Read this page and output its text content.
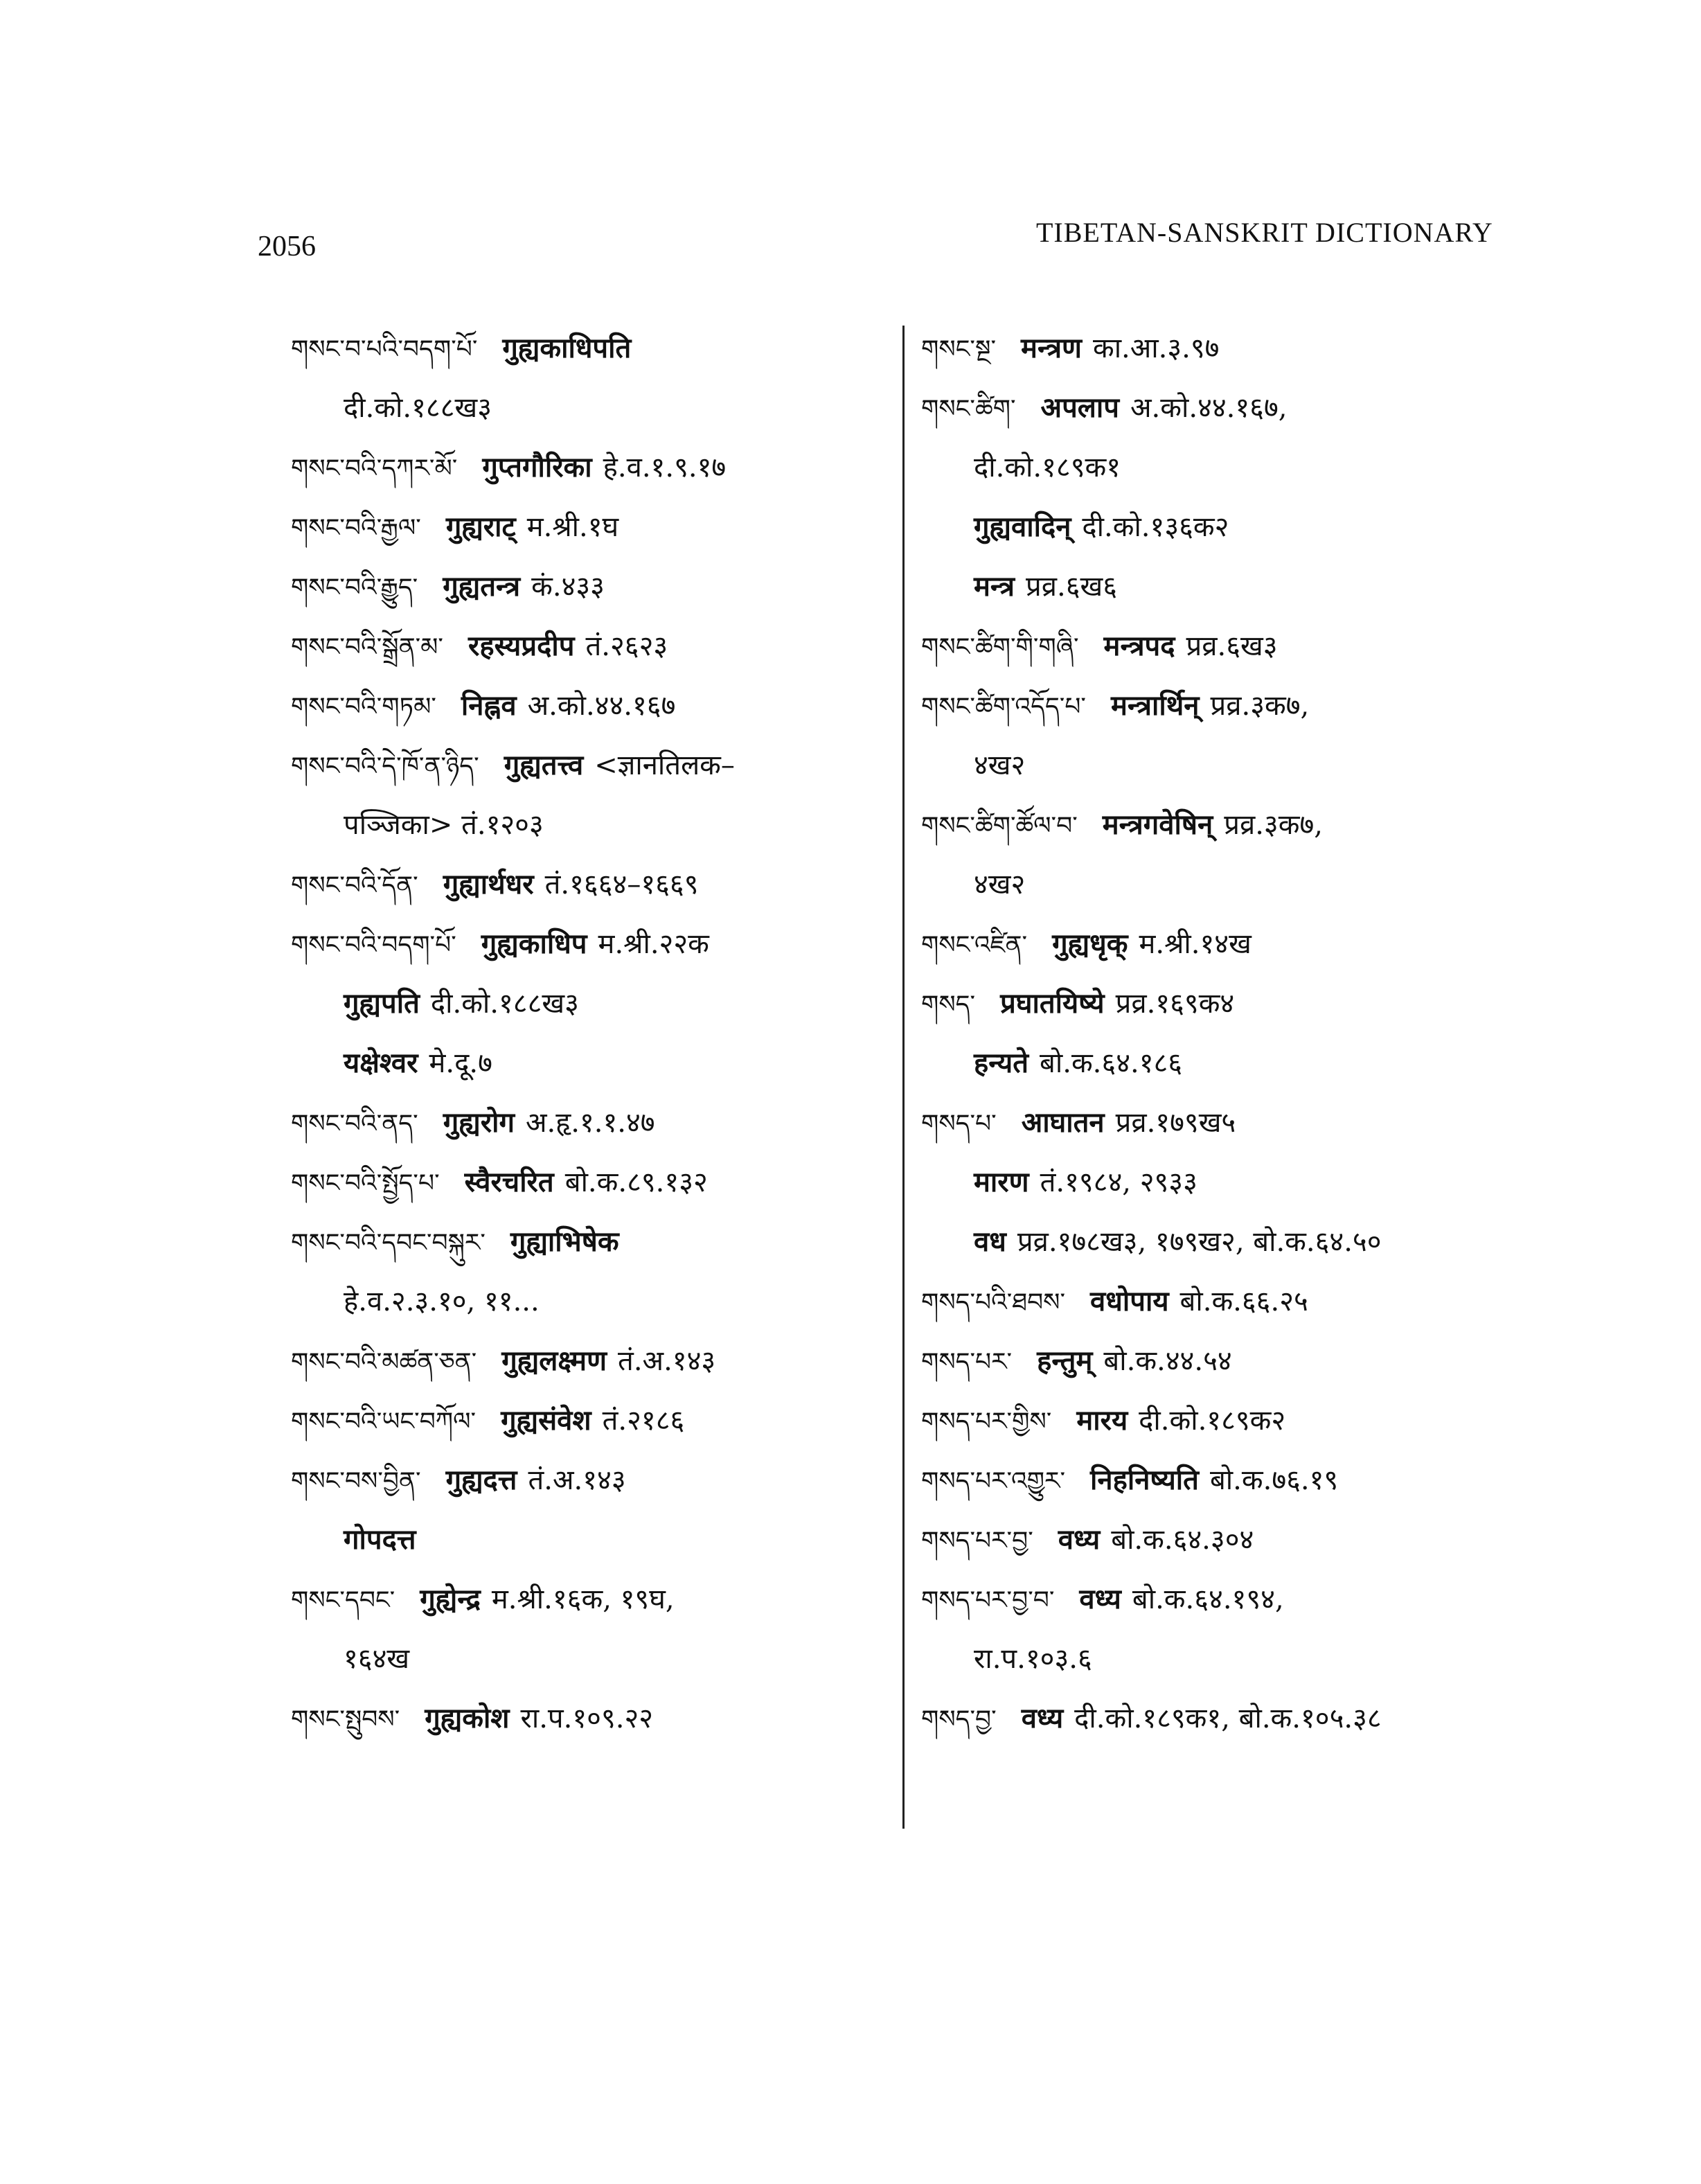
2056	TIBETAN-SANSKRIT DICTIONARY
གསང་བ་པའི་བདག་པོ་ गुह्यकाधिपति
दी.को.१८८ख३
གསང་བའི་དཀར་མོ་ गुप्तगौरिका हे.व.१.९.१७
གསང་བའི་རྒྱལ་ गुह्यराट् म.श्री.१घ
གསང་བའི་རྒྱུད་ गुह्यतन्त्र कं.४३३
གསང་བའི་སྒྲོན་མ་ रहस्यप्रदीप तं.२६२३
གསང་བའི་གཏམ་ निह्नव अ.को.४४.१६७
གསང་བའི་དེ་ཁོ་ན་ཉིད་ गुह्यतत्त्व <ज्ञानतिलक–
पञ्जिका> तं.१२०३
གསང་བའི་དོན་ गुह्यार्थधर तं.१६६४–१६६९
གསང་བའི་བདག་པོ་ गुह्यकाधिप म.श्री.२२क
गुह्यपति दी.को.१८८ख३
यक्षेश्वर मे.दू.७
གསང་བའི་ནད་ गुह्यरोग अ.हृ.१.१.४७
གསང་བའི་སྤྱོད་པ་ स्वैरचरित बो.क.८९.१३२
གསང་བའི་དབང་བསྐུར་ गुह्याभिषेक
हे.व.२.३.१०, ११...
གསང་བའི་མཚན་ཅན་ गुह्यलक्ष्मण तं.अ.१४३
གསང་བའི་ཡང་བཀོལ་ गुह्यसंवेश तं.२१८६
གསང་བས་བྱིན་ गुह्यदत्त तं.अ.१४३
गोपदत्त
གསང་དབང་ गुह्येन्द्र म.श्री.१६क, १९घ,
१६४ख
གསང་སྤུབས་ गुह्यकोश रा.प.१०९.२२
གསང་སྔ་ मन्त्रण का.आ.३.९७
གསང་ཚིག་ अपलाप अ.को.४४.१६७,
दी.को.१८९क१
गुह्यवादिन् दी.को.१३६क२
मन्त्र प्रव्र.६ख६
གསང་ཚིག་གི་གཞི་ मन्त्रपद प्रव्र.६ख३
གསང་ཚིག་འདོད་པ་ मन्त्रार्थिन् प्रव्र.३क७,
४ख२
གསང་ཚིག་ཚོལ་བ་ मन्त्रगवेषिन् प्रव्र.३क७,
४ख२
གསང་འཛིན་ गुह्यधृक् म.श्री.१४ख
གསད་ प्रघातयिष्ये प्रव्र.१६९क४
हन्यते बो.क.६४.१८६
གསད་པ་ आघातन प्रव्र.१७९ख५
मारण तं.१९८४, २९३३
वध प्रव्र.१७८ख३, १७९ख२, बो.क.६४.५०
གསད་པའི་ཐབས་ वधोपाय बो.क.६६.२५
གསད་པར་ हन्तुम् बो.क.४४.५४
གསད་པར་གྱིས་ मारय दी.को.१८९क२
གསད་པར་འགྱུར་ निहनिष्यति बो.क.७६.१९
གསད་པར་བྱ་ वध्य बो.क.६४.३०४
གསད་པར་བྱ་བ་ वध्य बो.क.६४.१९४,
रा.प.१०३.६
གསད་བྱ་ वध्य दी.को.१८९क१, बो.क.१०५.३८
